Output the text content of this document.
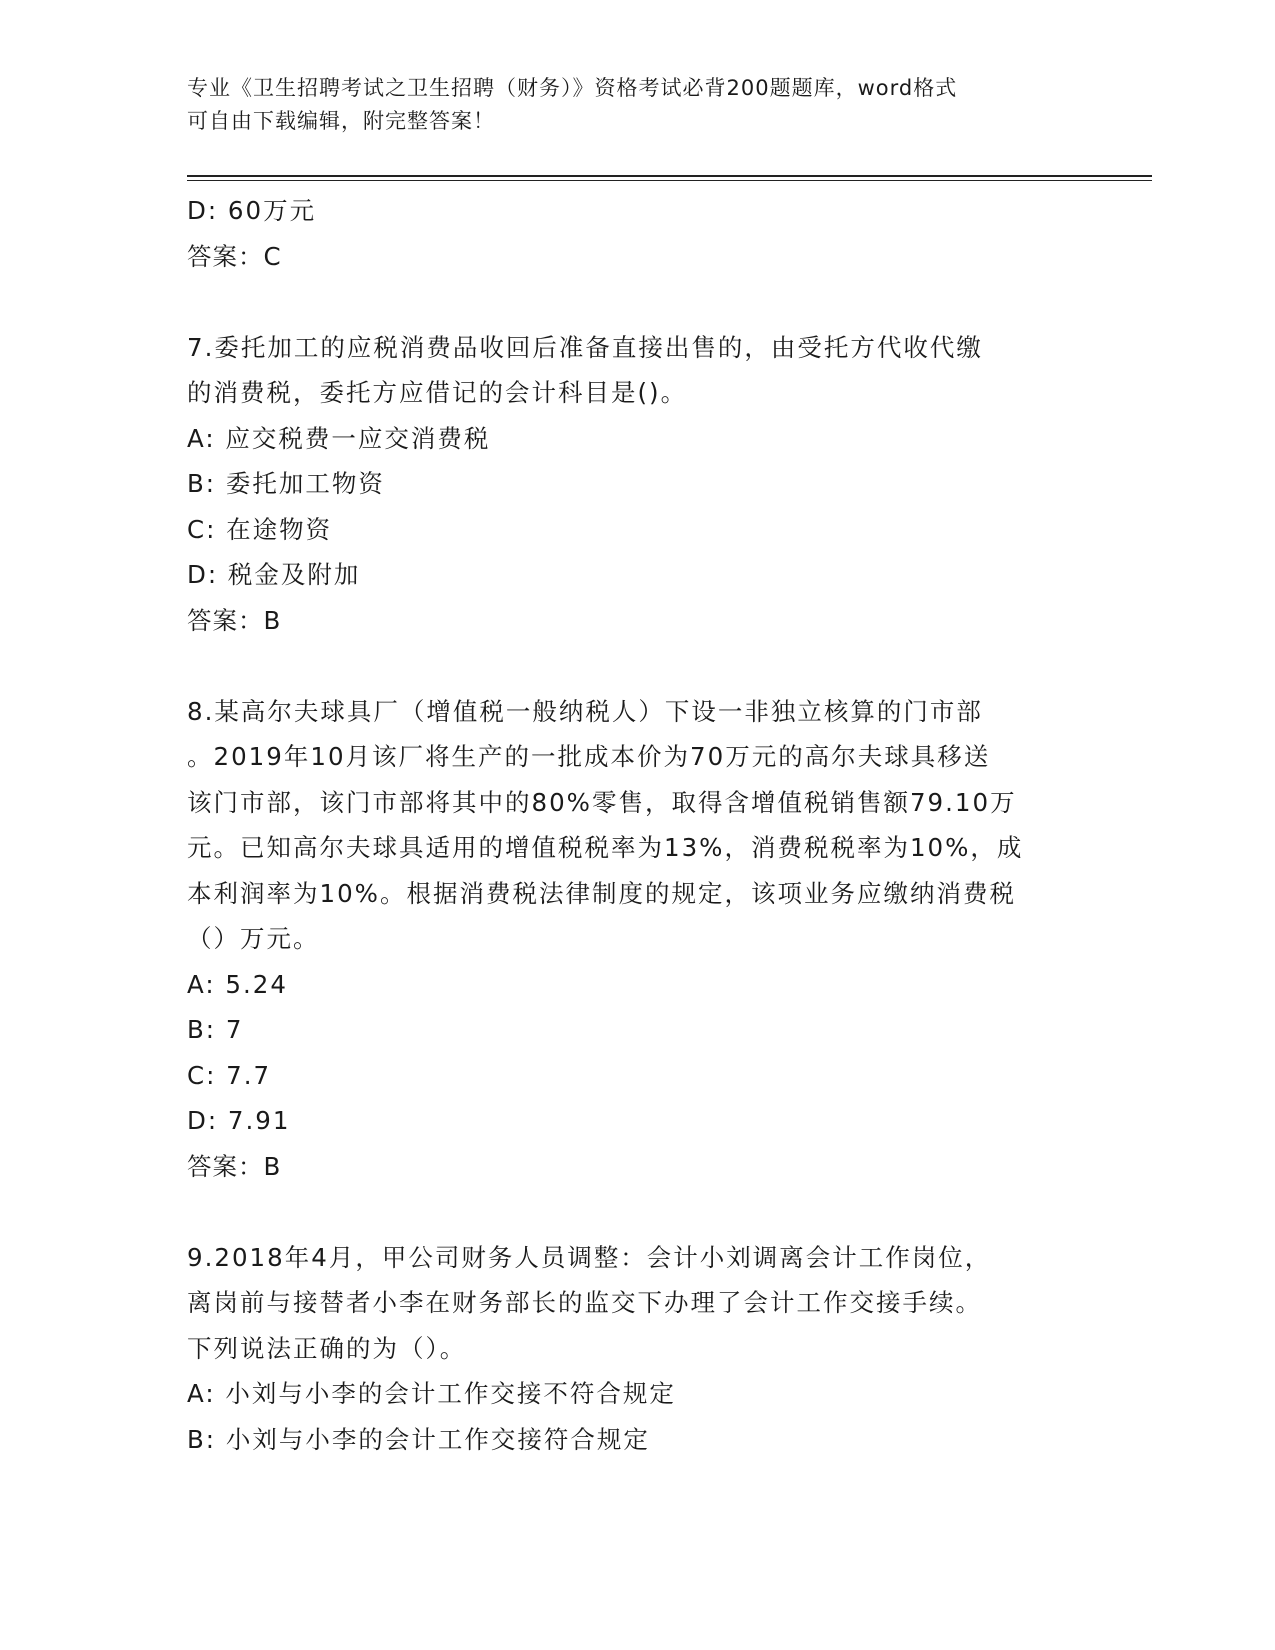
专业《卫生招聘考试之卫生招聘（财务）》资格考试必背200题题库，word格式
可自由下载编辑，附完整答案！
D: 60万元
答案：C
7.委托加工的应税消费品收回后准备直接出售的，由受托方代收代缴
的消费税，委托方应借记的会计科目是()。
A: 应交税费一应交消费税
B: 委托加工物资
C: 在途物资
D: 税金及附加
答案：B
8.某高尔夫球具厂（增值税一般纳税人）下设一非独立核算的门市部
。2019年10月该厂将生产的一批成本价为70万元的高尔夫球具移送
该门市部，该门市部将其中的80%零售，取得含增值税销售额79.10万
元。已知高尔夫球具适用的增值税税率为13%，消费税税率为10%，成
本利润率为10%。根据消费税法律制度的规定，该项业务应缴纳消费税
（）万元。
A: 5.24
B: 7
C: 7.7
D: 7.91
答案：B
9.2018年4月，甲公司财务人员调整：会计小刘调离会计工作岗位，
离岗前与接替者小李在财务部长的监交下办理了会计工作交接手续。
下列说法正确的为（）。
A: 小刘与小李的会计工作交接不符合规定
B: 小刘与小李的会计工作交接符合规定
